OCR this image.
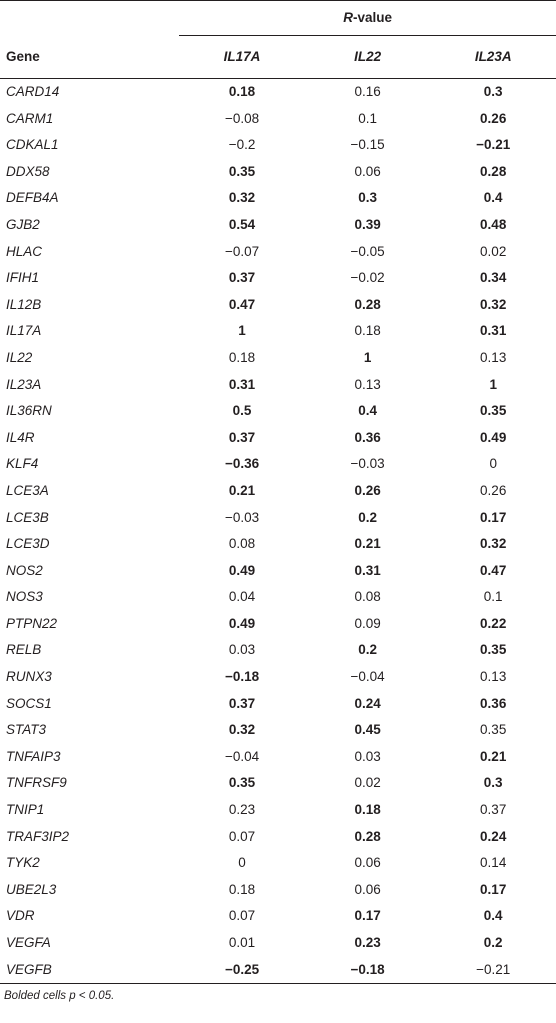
	R-value		

Gene	IL17A	IL22	IL23A
CARD14	0.18	0.16	0.3
CARM1	−0.08	0.1	0.26
CDKAL1	−0.2	−0.15	−0.21
DDX58	0.35	0.06	0.28
DEFB4A	0.32	0.3	0.4
GJB2	0.54	0.39	0.48
HLAC	−0.07	−0.05	0.02
IFIH1	0.37	−0.02	0.34
IL12B	0.47	0.28	0.32
IL17A	1	0.18	0.31
IL22	0.18	1	0.13
IL23A	0.31	0.13	1
IL36RN	0.5	0.4	0.35
IL4R	0.37	0.36	0.49
KLF4	−0.36	−0.03	0
LCE3A	0.21	0.26	0.26
LCE3B	−0.03	0.2	0.17
LCE3D	0.08	0.21	0.32
NOS2	0.49	0.31	0.47
NOS3	0.04	0.08	0.1
PTPN22	0.49	0.09	0.22
RELB	0.03	0.2	0.35
RUNX3	−0.18	−0.04	0.13
SOCS1	0.37	0.24	0.36
STAT3	0.32	0.45	0.35
TNFAIP3	−0.04	0.03	0.21
TNFRSF9	0.35	0.02	0.3
TNIP1	0.23	0.18	0.37
TRAF3IP2	0.07	0.28	0.24
TYK2	0	0.06	0.14
UBE2L3	0.18	0.06	0.17
VDR	0.07	0.17	0.4
VEGFA	0.01	0.23	0.2
VEGFB	−0.25	−0.18	−0.21
Bolded cells p < 0.05.
